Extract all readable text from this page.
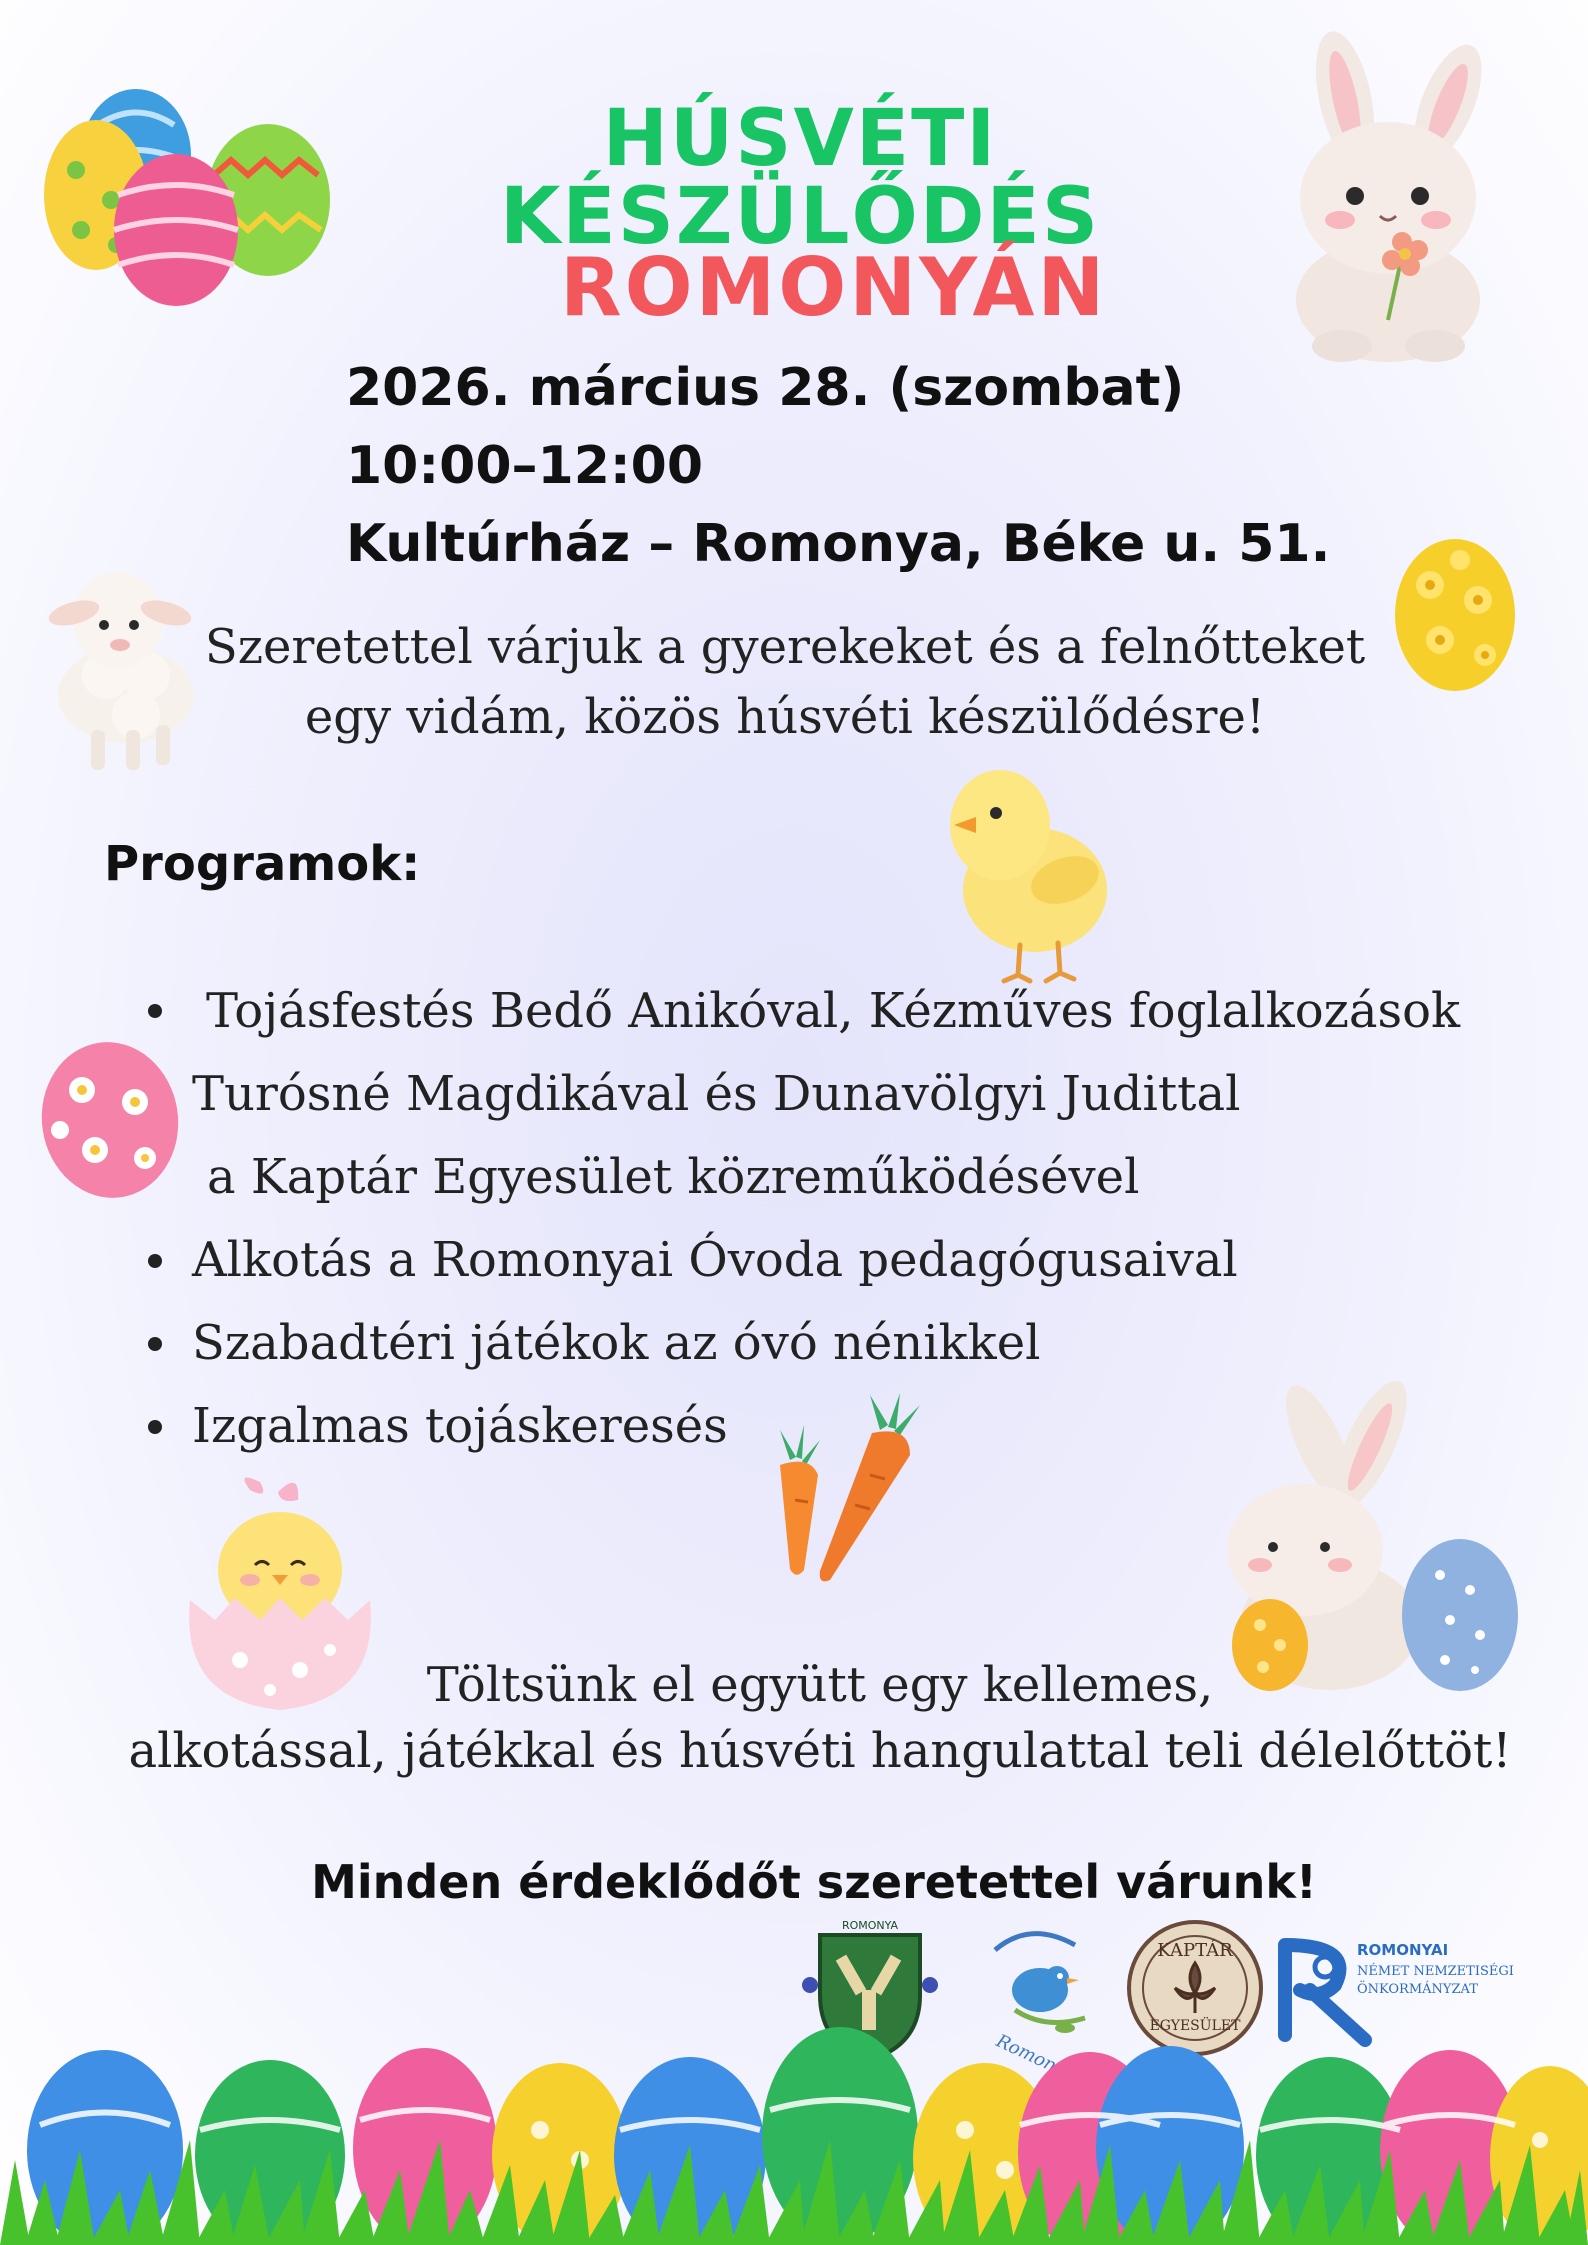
HÚSVÉTI KÉSZÜLŐDÉS
ROMONYÁN
2026. március 28. (szombat)
10:00–12:00
Kultúrház – Romonya, Béke u. 51.
Szeretettel várjuk a gyerekeket és a felnőtteket
egy vidám, közös húsvéti készülődésre!
Programok:
Tojásfestés Bedő Anikóval, Kézműves foglalkozások
Turósné Magdikával és Dunavölgyi Judittal
a Kaptár Egyesület közreműködésével
Alkotás a Romonyai Óvoda pedagógusaival
Szabadtéri játékok az óvó nénikkel
Izgalmas tojáskeresés
Töltsünk el együtt egy kellemes,
alkotással, játékkal és húsvéti hangulattal teli délelőttöt!
Minden érdeklődőt szeretettel várunk!
ROMONYA
Romonyai
KAPTÁR
EGYESÜLET
ROMONYAI
NÉMET NEMZETISÉGI
ÖNKORMÁNYZAT
